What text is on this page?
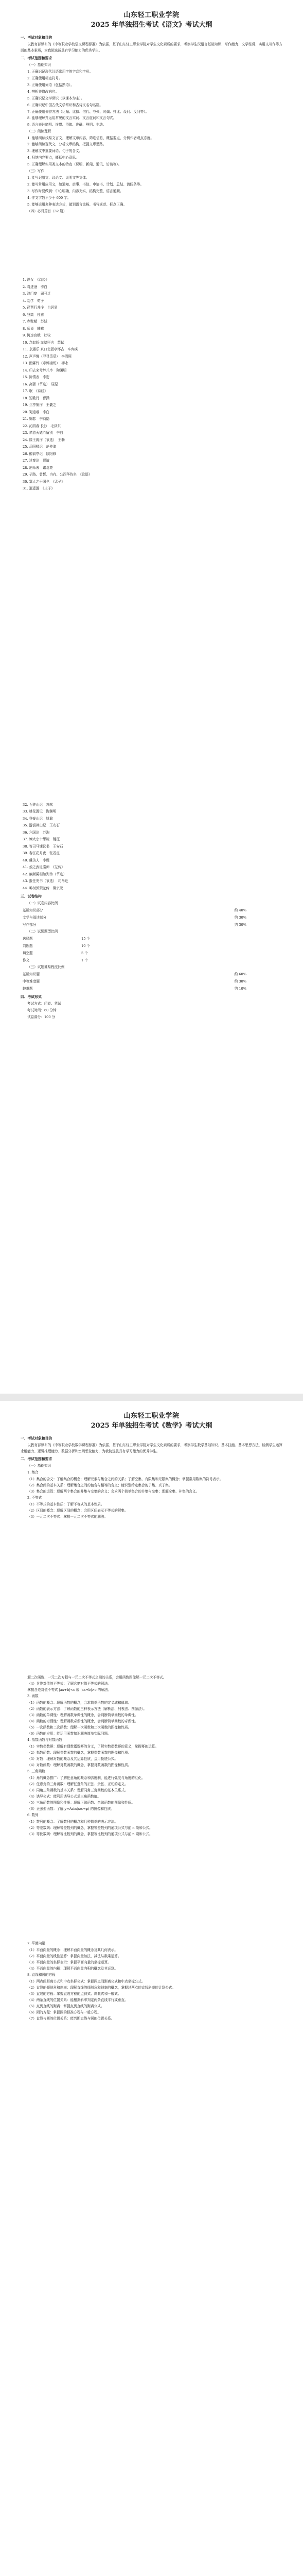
山东轻工职业学院

2025 年单独招生考试《语文》考试大纲

一、考试对象和目的

以教育部颁布的《中等职业学校语文课程标准》为依据，基于山东轻工职业学院对学生文化素质的要求，考察学生汉语言基础知识、写作能力、文学鉴赏、实用文写作等方面的基本素质，为我院选拔具有学习能力的优秀学生。

二、考试范围和要求

（一）基础知识

1. 正确识记现代汉语常用字的字音和字形。

2. 正确使用标点符号。

3. 正确使用词语（包括熟语）。

4. 辨析并修改病句。

5. 正确识记文学常识（以课本为主）。

6. 正确识记中国古代文学常识和古诗文名句名篇。

7. 正确使用修辞方法（比喻、比拟、借代、夸张、对偶、排比、设问、反问等）。

8. 能够理解并运用常见的文言实词、文言虚词和文言句式。

9. 语言表达简明、连贯、得体、准确、鲜明、生动。

（二）阅读理解

1. 能够阅读浅易文言文，理解文章内容，筛选信息，概括要点，分析作者观点态度。

2. 能够阅读现代文，分析文章结构，把握文章思路。

3. 理解文中重要词语、句子的含义。

4. 归纳内容要点，概括中心意思。

5. 正确理解实用类文本的特点（说明、新闻、通讯、访谈等）。

（三）写作

1. 能写记叙文、议论文、说明文等文体。

2. 能写常用应用文，如通知、启事、书信、申请书、计划、总结、请假条等。

3. 写作时要做到：中心明确，内容充实，结构完整，语言通顺。

4. 作文字数不少于 600 字。

5. 能够运用多种表达方式，做到语言流畅、书写规范、标点正确。

（四）必背篇目（32 篇）

1. 静女　《诗经》

2. 将进酒　李白

3. 鸿门宴　司马迁

4. 劝学　荀子

5. 琵琶行并序　白居易

6. 登高　杜甫

7. 赤壁赋　苏轼

8. 师说　韩愈

9. 阿房宫赋　杜牧

10. 念奴娇·赤壁怀古　苏轼

11. 永遇乐·京口北固亭怀古　辛弃疾

12. 声声慢（寻寻觅觅）　李清照

13. 雨霖铃（寒蝉凄切）　柳永

14. 归去来兮辞并序　陶渊明

15. 陈情表　李密

16. 离骚（节选）　屈原

17. 氓　《诗经》

18. 短歌行　曹操

19. 兰亭集序　王羲之

20. 蜀道难　李白

21. 锦瑟　李商隐

22. 沁园春·长沙　毛泽东

23. 梦游天姥吟留别　李白

24. 滕王阁序（节选）　王勃

25. 岳阳楼记　范仲淹

26. 醉翁亭记　欧阳修

27. 过秦论　贾谊

28. 出师表　诸葛亮

29. 子路、曾皙、冉有、公西华侍坐　《论语》

30. 寡人之于国也　《孟子》

31. 逍遥游　《庄子》

32. 石钟山记　苏轼

33. 桃花源记　陶渊明

34. 登泰山记　姚鼐

35. 游褒禅山记　王安石

36. 六国论　苏洵

37. 谏太宗十思疏　魏征

38. 答司马谏议书　王安石

39. 春江花月夜　张若虚

40. 虞美人　李煜

41. 烛之武退秦师　《左传》

42. 廉颇蔺相如列传（节选）

43. 报任安书（节选）　司马迁

44. 种树郭橐驼传　柳宗元

三、试卷结构

（一）试卷内容比例

基础知识部分	约 40%
文学与阅读部分	约 30%
写作部分	约 30%

（二）试题题型比例

选择题	15 个
判断题	10 个
填空题	5 个
作文	1 个

（三）试题难易程度比例

基础知识题	约 60%
中等难度题	约 30%
较难题	约 10%

四、考试形式

考试方式：闭卷、笔试

考试时间：60 分钟

试卷满分：100 分

山东轻工职业学院

2025 年单独招生考试《数学》考试大纲

一、考试对象和目的

以教育部颁布的《中等职业学校数学课程标准》为依据，基于山东轻工职业学院对学生文化素质的要求，考察学生数学基础知识、基本技能、基本思想方法，检测学生运算求解能力、逻辑推理能力、数据分析和空间想象能力，为我院选拔具有学习能力的优秀学生。

二、考试范围和要求

（一）基础知识

1. 集合

（1）集合的含义：了解集合的概念；理解元素与集合之间的关系；了解空集、有限集和无限集的概念；掌握常用数集的符号表示。

（2）集合间的基本关系：理解集合之间的包含与相等的含义；能识别给定集合的子集、真子集。

（3）集合的运算：理解两个集合的并集与交集的含义；会求两个简单集合的并集与交集；理解全集、补集的含义。

2. 不等式

（1）不等式的基本性质：了解不等式的基本性质。

（2）区间的概念：理解区间的概念；会用区间表示不等式的解集。

（3）一元二次不等式：掌握一元二次不等式的解法。

解二次函数、一元二次方程与一元二次不等式之间的关系，会用函数图像解一元二次不等式。

（4）含绝对值的不等式：了解含绝对值不等式的解法。

掌握含绝对值不等式 |ax+b|<c 或 |ax+b|>c 的解法。

3. 函数

（1）函数的概念：理解函数的概念，会求简单函数的定义域和值域。

（2）函数的表示方法：了解函数的三种表示方法（解析法、列表法、图像法）。

（3）函数的单调性：理解函数单调性的概念，会判断简单函数的单调性。

（4）函数的奇偶性：理解函数奇偶性的概念，会判断简单函数的奇偶性。

（5）一次函数和二次函数：理解一次函数和二次函数的图像和性质。

（6）函数的应用：能运用函数知识解决简单实际问题。

4. 指数函数与对数函数

（1）实数指数幂：理解有理数指数幂的含义，了解实数指数幂的意义，掌握幂的运算。

（2）指数函数：理解指数函数的概念，掌握指数函数的图像和性质。

（3）对数：理解对数的概念及其运算性质，会用换底公式。

（4）对数函数：理解对数函数的概念，掌握对数函数的图像和性质。

5. 三角函数

（1）角的概念推广：了解任意角的概念和弧度制，能进行弧度与角度的互化。

（2）任意角的三角函数：理解任意角的正弦、余弦、正切的定义。

（3）同角三角函数的基本关系：理解同角三角函数的基本关系式。

（4）诱导公式：能利用诱导公式求三角函数值。

（5）三角函数的图像和性质：理解正弦函数、余弦函数的图像和性质。

（6）正弦型函数：了解 y=Asin(ωx+φ) 的图像和性质。

6. 数列

（1）数列的概念：了解数列的概念和几种简单的表示方法。

（2）等差数列：理解等差数列的概念，掌握等差数列的通项公式与前 n 项和公式。

（3）等比数列：理解等比数列的概念，掌握等比数列的通项公式与前 n 项和公式。

7. 平面向量

（1）平面向量的概念：理解平面向量的概念及其几何表示。

（2）平面向量的线性运算：掌握向量加法、减法与数乘运算。

（3）平面向量的坐标表示：掌握平面向量的坐标运算。

（4）平面向量的内积：理解平面向量内积的概念及其运算。

8. 直线和圆的方程

（1）两点间距离公式和中点坐标公式：掌握两点间距离公式和中点坐标公式。

（2）直线的倾斜角和斜率：理解直线的倾斜角和斜率的概念，掌握过两点的直线斜率的计算公式。

（3）直线的方程：掌握直线方程的点斜式、斜截式和一般式。

（4）两条直线的位置关系：能根据斜率判定两条直线平行或垂直。

（5）点到直线的距离：掌握点到直线的距离公式。

（6）圆的方程：掌握圆的标准方程与一般方程。

（7）直线与圆的位置关系：能判断直线与圆的位置关系。
